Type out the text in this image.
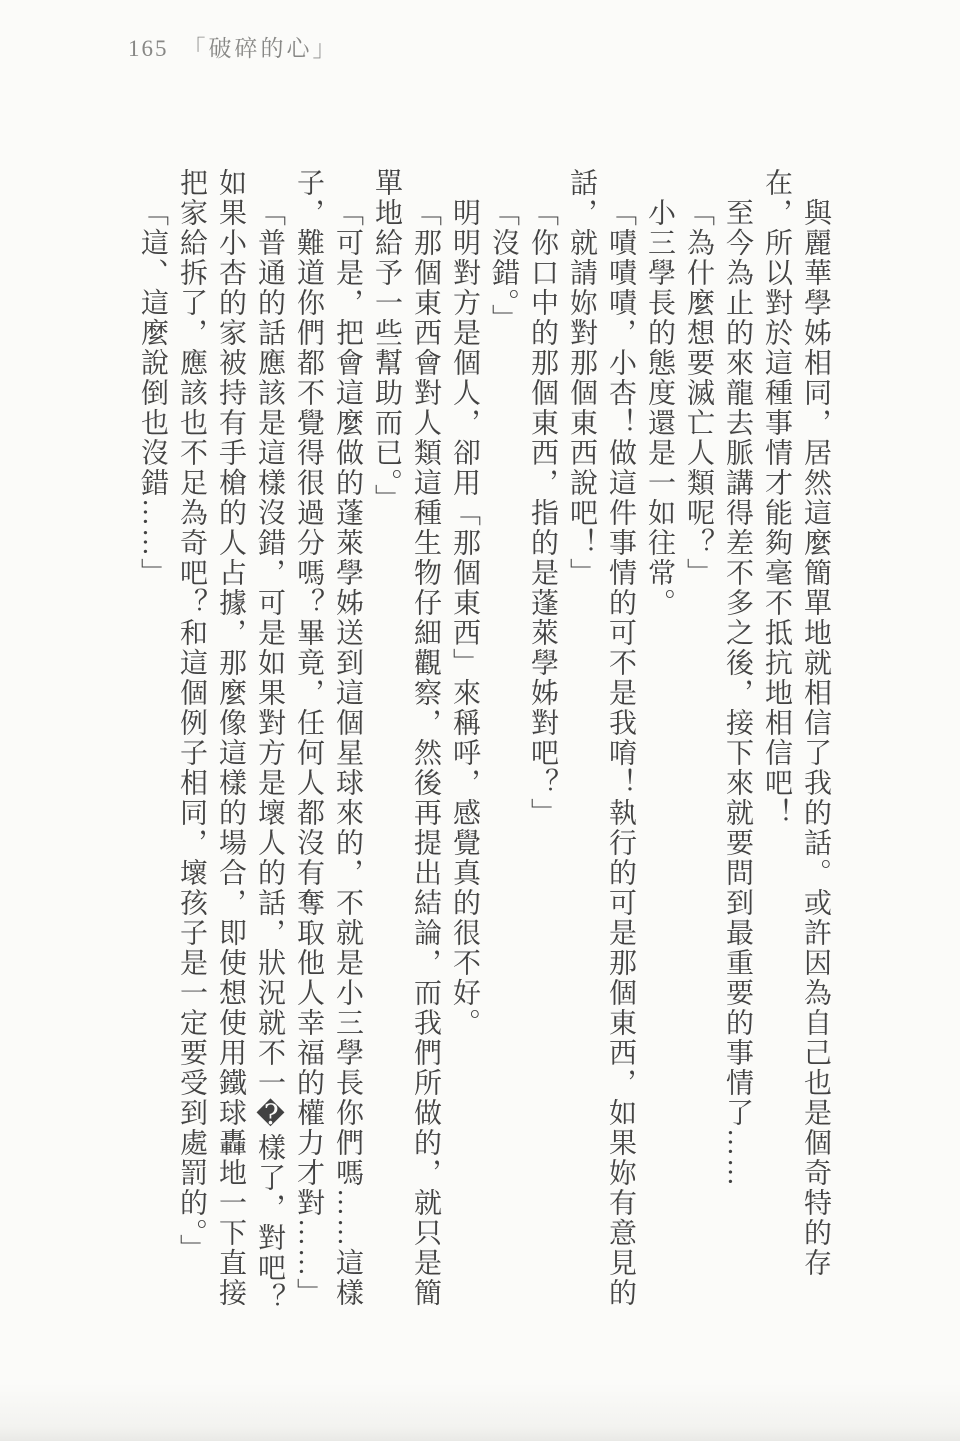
165 「破碎的心」

與麗華學姊相同，居然這麼簡單地就相信了我的話。或許因為自己也是個奇特的存在，所以對於這種事情才能夠毫不抵抗地相信吧！

至今為止的來龍去脈講得差不多之後，接下來就要問到最重要的事情了……

「為什麼想要滅亡人類呢？」

小三學長的態度還是一如往常。

「嘖嘖嘖，小杏！做這件事情的可不是我唷！執行的可是那個東西，如果妳有意見的話，就請妳對那個東西說吧！」

「你口中的那個東西，指的是蓬萊學姊對吧？」

「沒錯。」

明明對方是個人，卻用「那個東西」來稱呼，感覺真的很不好。

「那個東西會對人類這種生物仔細觀察，然後再提出結論，而我們所做的，就只是簡單地給予一些幫助而已。」

「可是，把會這麼做的蓬萊學姊送到這個星球來的，不就是小三學長你們嗎……這樣子，難道你們都不覺得很過分嗎？畢竟，任何人都沒有奪取他人幸福的權力才對……」

「普通的話應該是這樣沒錯，可是如果對方是壞人的話，狀況就不一�樣了，對吧？如果小杏的家被持有手槍的人占據，那麼像這樣的場合，即使想使用鐵球轟地一下直接把家給拆了，應該也不足為奇吧？和這個例子相同，壞孩子是一定要受到處罰的。」

「這、這麼說倒也沒錯……」
